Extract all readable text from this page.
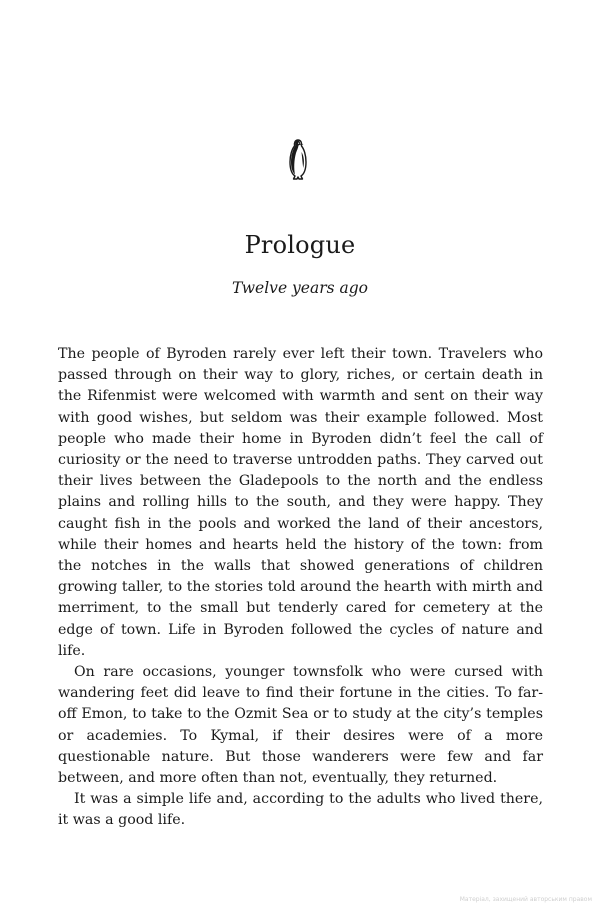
Prologue

Twelve years ago

The people of Byroden rarely ever left their town. Travelers who passed through on their way to glory, riches, or certain death in the Rifenmist were welcomed with warmth and sent on their way with good wishes, but seldom was their example followed. Most people who made their home in Byroden didn’t feel the call of curiosity or the need to traverse untrodden paths. They carved out their lives between the Gladepools to the north and the endless plains and rolling hills to the south, and they were happy. They caught fish in the pools and worked the land of their ancestors, while their homes and hearts held the history of the town: from the notches in the walls that showed generations of children growing taller, to the stories told around the hearth with mirth and merriment, to the small but tenderly cared for cemetery at the edge of town. Life in Byroden followed the cycles of nature and life.

On rare occasions, younger townsfolk who were cursed with wandering feet did leave to find their fortune in the cities. To far-off Emon, to take to the Ozmit Sea or to study at the city’s temples or academies. To Kymal, if their desires were of a more questionable nature. But those wanderers were few and far between, and more often than not, eventually, they returned.

It was a simple life and, according to the adults who lived there, it was a good life.

Матеріал, захищений авторським правом
